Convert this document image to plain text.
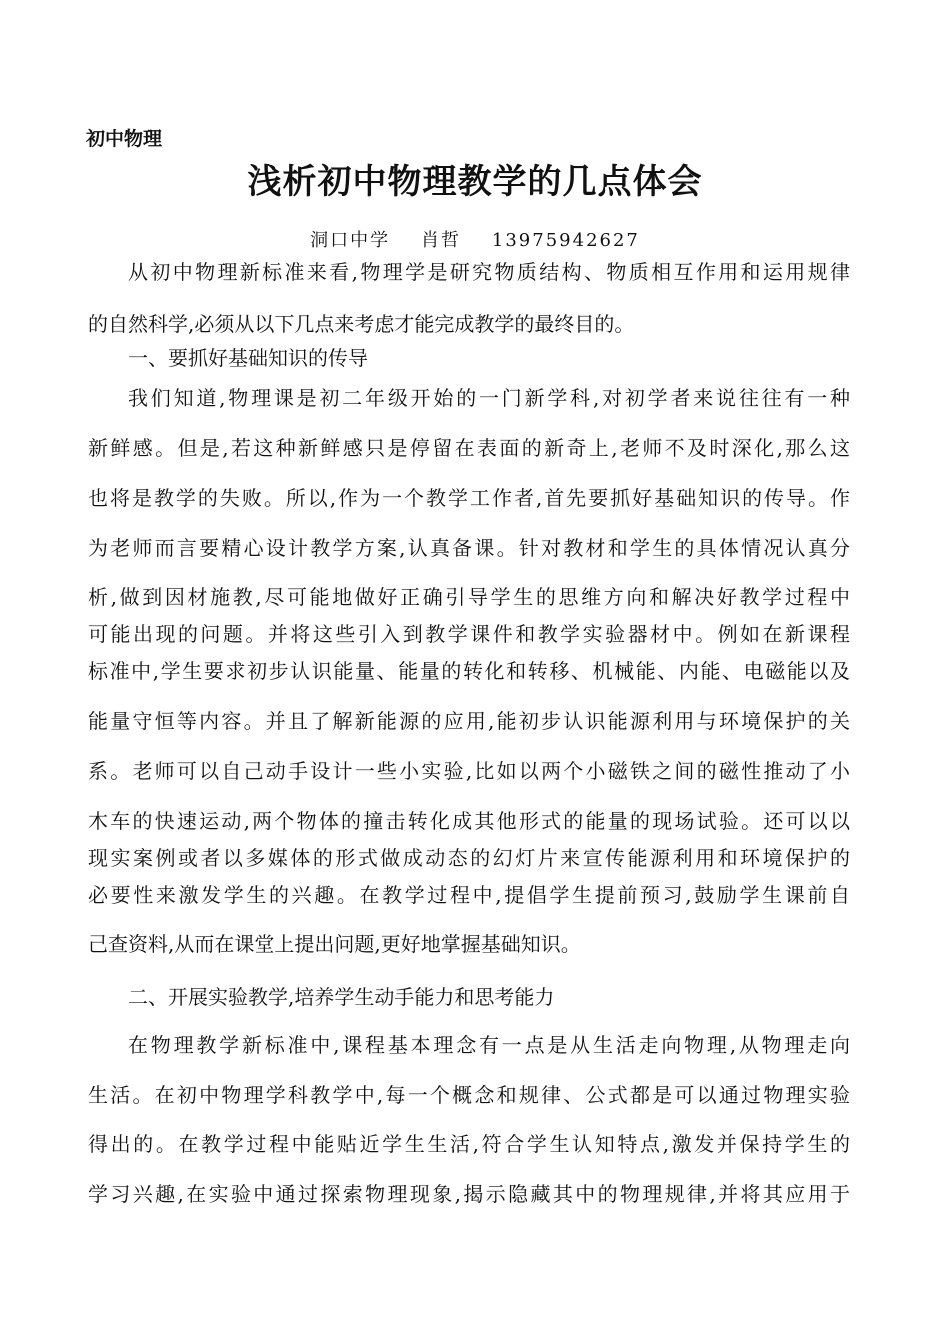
初中物理
浅析初中物理教学的几点体会
洞口中学    肖哲    13975942627
从初中物理新标准来看,物理学是研究物质结构、物质相互作用和运用规律
的自然科学,必须从以下几点来考虑才能完成教学的最终目的。
一、要抓好基础知识的传导
我们知道,物理课是初二年级开始的一门新学科,对初学者来说往往有一种
新鲜感。但是,若这种新鲜感只是停留在表面的新奇上,老师不及时深化,那么这
也将是教学的失败。所以,作为一个教学工作者,首先要抓好基础知识的传导。作
为老师而言要精心设计教学方案,认真备课。针对教材和学生的具体情况认真分
析,做到因材施教,尽可能地做好正确引导学生的思维方向和解决好教学过程中
可能出现的问题。并将这些引入到教学课件和教学实验器材中。例如在新课程
标准中,学生要求初步认识能量、能量的转化和转移、机械能、内能、电磁能以及
能量守恒等内容。并且了解新能源的应用,能初步认识能源利用与环境保护的关
系。老师可以自己动手设计一些小实验,比如以两个小磁铁之间的磁性推动了小
木车的快速运动,两个物体的撞击转化成其他形式的能量的现场试验。还可以以
现实案例或者以多媒体的形式做成动态的幻灯片来宣传能源利用和环境保护的
必要性来激发学生的兴趣。在教学过程中,提倡学生提前预习,鼓励学生课前自
己查资料,从而在课堂上提出问题,更好地掌握基础知识。
二、开展实验教学,培养学生动手能力和思考能力
在物理教学新标准中,课程基本理念有一点是从生活走向物理,从物理走向
生活。在初中物理学科教学中,每一个概念和规律、公式都是可以通过物理实验
得出的。在教学过程中能贴近学生生活,符合学生认知特点,激发并保持学生的
学习兴趣,在实验中通过探索物理现象,揭示隐藏其中的物理规律,并将其应用于
